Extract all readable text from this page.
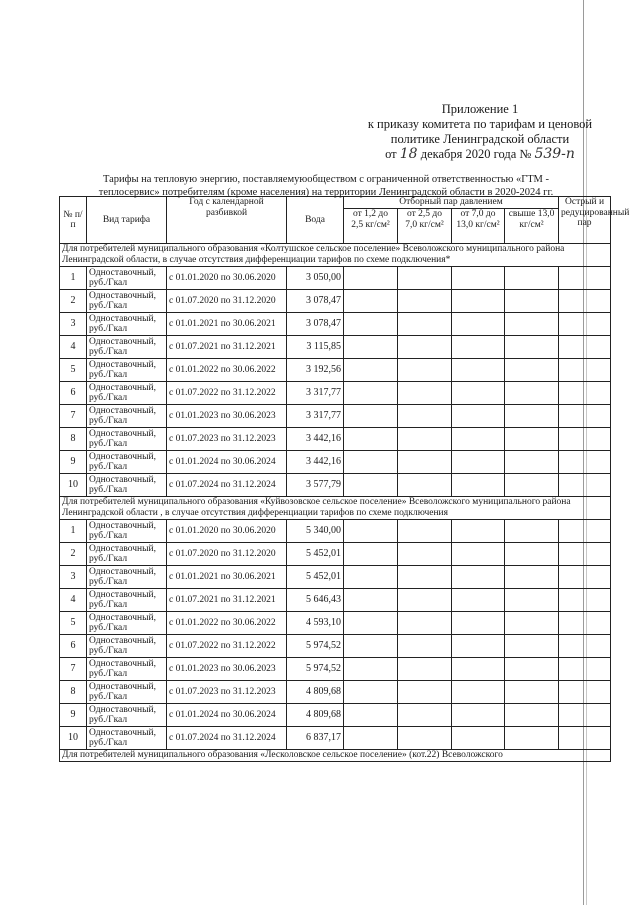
Приложение 1
к приказу комитета по тарифам и ценовой
политике Ленинградской области
от 18 декабря 2020 года № 539-п
Тарифы на тепловую энергию, поставляемуюобществом с ограниченной ответственностью «ГТМ -
теплосервис» потребителям (кроме населения) на территории Ленинградской области в 2020-2024 гг.
№ п/п	Вид тарифа	Год с календарной разбивкой	Вода	Отборный пар давлением				Острый и редуцированный пар
				от 1,2 до 2,5 кг/см²	от 2,5 до 7,0 кг/см²	от 7,0 до 13,0 кг/см²	свыше 13,0 кг/см²	
Для потребителей муниципального образования «Колтушское сельское поселение» Всеволожского муниципального района Ленинградской области, в случае отсутствия дифференциации тарифов по схеме подключения*								
1	Одноставочный, руб./Гкал	с 01.01.2020 по 30.06.2020	3 050,00					
2	Одноставочный, руб./Гкал	с 01.07.2020 по 31.12.2020	3 078,47					
3	Одноставочный, руб./Гкал	с 01.01.2021 по 30.06.2021	3 078,47					
4	Одноставочный, руб./Гкал	с 01.07.2021 по 31.12.2021	3 115,85					
5	Одноставочный, руб./Гкал	с 01.01.2022 по 30.06.2022	3 192,56					
6	Одноставочный, руб./Гкал	с 01.07.2022 по 31.12.2022	3 317,77					
7	Одноставочный, руб./Гкал	с 01.01.2023 по 30.06.2023	3 317,77					
8	Одноставочный, руб./Гкал	с 01.07.2023 по 31.12.2023	3 442,16					
9	Одноставочный, руб./Гкал	с 01.01.2024 по 30.06.2024	3 442,16					
10	Одноставочный, руб./Гкал	с 01.07.2024 по 31.12.2024	3 577,79					
Для потребителей муниципального образования «Куйвозовское сельское поселение» Всеволожского муниципального района Ленинградской области , в случае отсутствия дифференциации тарифов по схеме подключения								
1	Одноставочный, руб./Гкал	с 01.01.2020 по 30.06.2020	5 340,00					
2	Одноставочный, руб./Гкал	с 01.07.2020 по 31.12.2020	5 452,01					
3	Одноставочный, руб./Гкал	с 01.01.2021 по 30.06.2021	5 452,01					
4	Одноставочный, руб./Гкал	с 01.07.2021 по 31.12.2021	5 646,43					
5	Одноставочный, руб./Гкал	с 01.01.2022 по 30.06.2022	4 593,10					
6	Одноставочный, руб./Гкал	с 01.07.2022 по 31.12.2022	5 974,52					
7	Одноставочный, руб./Гкал	с 01.01.2023 по 30.06.2023	5 974,52					
8	Одноставочный, руб./Гкал	с 01.07.2023 по 31.12.2023	4 809,68					
9	Одноставочный, руб./Гкал	с 01.01.2024 по 30.06.2024	4 809,68					
10	Одноставочный, руб./Гкал	с 01.07.2024 по 31.12.2024	6 837,17					
Для потребителей муниципального образования «Лесколовское сельское поселение» (кот.22) Всеволожского								
